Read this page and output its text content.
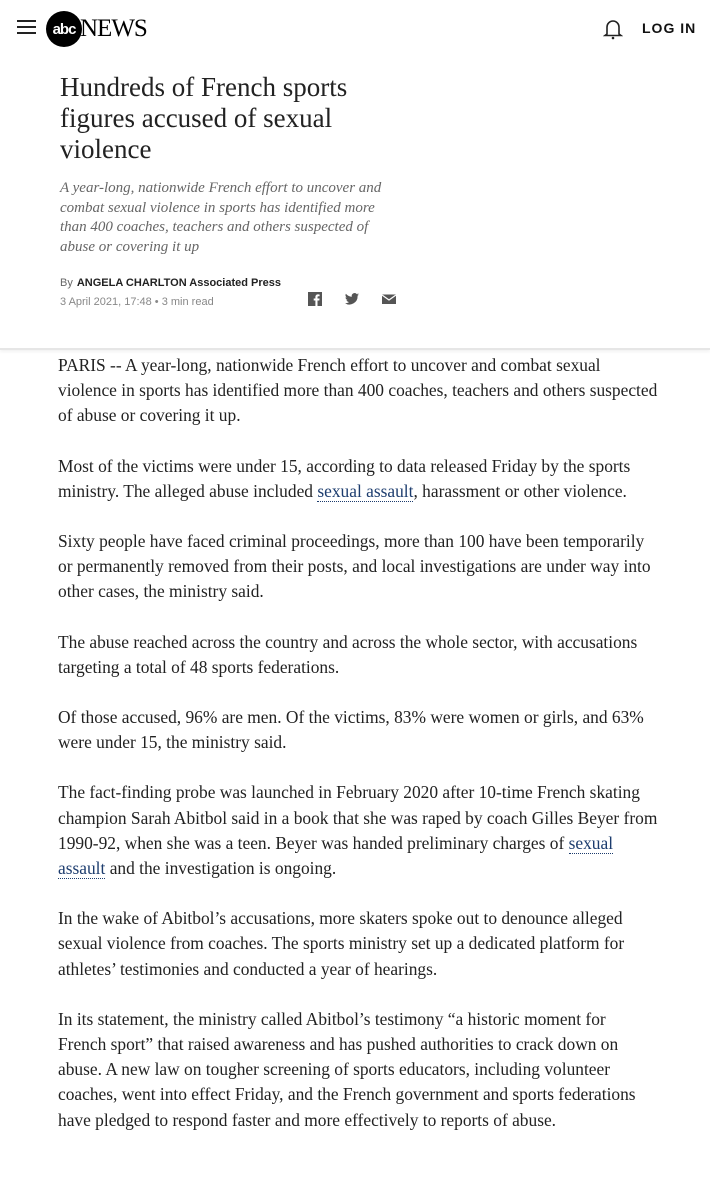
abc NEWS	LOG IN
Hundreds of French sports figures accused of sexual violence

A year-long, nationwide French effort to uncover and combat sexual violence in sports has identified more than 400 coaches, teachers and others suspected of abuse or covering it up

By ANGELA CHARLTON Associated Press
3 April 2021, 17:48 • 3 min read

PARIS -- A year-long, nationwide French effort to uncover and combat sexual violence in sports has identified more than 400 coaches, teachers and others suspected of abuse or covering it up.

Most of the victims were under 15, according to data released Friday by the sports ministry. The alleged abuse included sexual assault, harassment or other violence.

Sixty people have faced criminal proceedings, more than 100 have been temporarily or permanently removed from their posts, and local investigations are under way into other cases, the ministry said.

The abuse reached across the country and across the whole sector, with accusations targeting a total of 48 sports federations.

Of those accused, 96% are men. Of the victims, 83% were women or girls, and 63% were under 15, the ministry said.

The fact-finding probe was launched in February 2020 after 10-time French skating champion Sarah Abitbol said in a book that she was raped by coach Gilles Beyer from 1990-92, when she was a teen. Beyer was handed preliminary charges of sexual assault and the investigation is ongoing.

In the wake of Abitbol’s accusations, more skaters spoke out to denounce alleged sexual violence from coaches. The sports ministry set up a dedicated platform for athletes’ testimonies and conducted a year of hearings.

In its statement, the ministry called Abitbol’s testimony “a historic moment for French sport” that raised awareness and has pushed authorities to crack down on abuse. A new law on tougher screening of sports educators, including volunteer coaches, went into effect Friday, and the French government and sports federations have pledged to respond faster and more effectively to reports of abuse.
